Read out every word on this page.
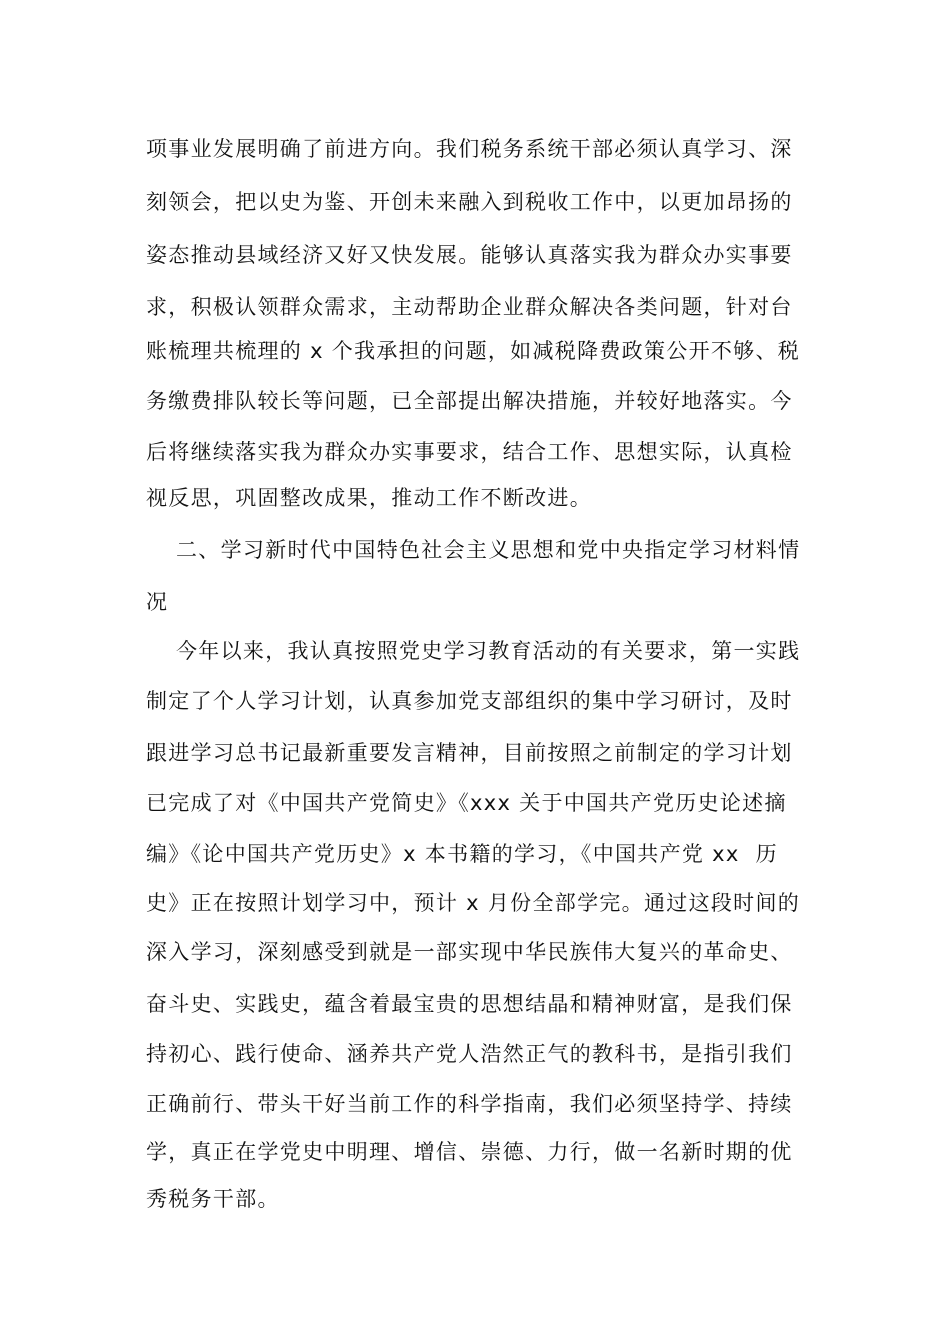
项事业发展明确了前进方向。我们税务系统干部必须认真学习、深
刻领会，把以史为鉴、开创未来融入到税收工作中，以更加昂扬的
姿态推动县域经济又好又快发展。能够认真落实我为群众办实事要
求，积极认领群众需求，主动帮助企业群众解决各类问题，针对台
账梳理共梳理的 x 个我承担的问题，如减税降费政策公开不够、税
务缴费排队较长等问题，已全部提出解决措施，并较好地落实。今
后将继续落实我为群众办实事要求，结合工作、思想实际，认真检
视反思，巩固整改成果，推动工作不断改进。
二、学习新时代中国特色社会主义思想和党中央指定学习材料情
况
今年以来，我认真按照党史学习教育活动的有关要求，第一实践
制定了个人学习计划，认真参加党支部组织的集中学习研讨，及时
跟进学习总书记最新重要发言精神，目前按照之前制定的学习计划
已完成了对《中国共产党简史》《xxx 关于中国共产党历史论述摘
编》《论中国共产党历史》x 本书籍的学习，《中国共产党 xx  历
史》正在按照计划学习中，预计 x 月份全部学完。通过这段时间的
深入学习，深刻感受到就是一部实现中华民族伟大复兴的革命史、
奋斗史、实践史，蕴含着最宝贵的思想结晶和精神财富，是我们保
持初心、践行使命、涵养共产党人浩然正气的教科书，是指引我们
正确前行、带头干好当前工作的科学指南，我们必须坚持学、持续
学，真正在学党史中明理、增信、崇德、力行，做一名新时期的优
秀税务干部。
